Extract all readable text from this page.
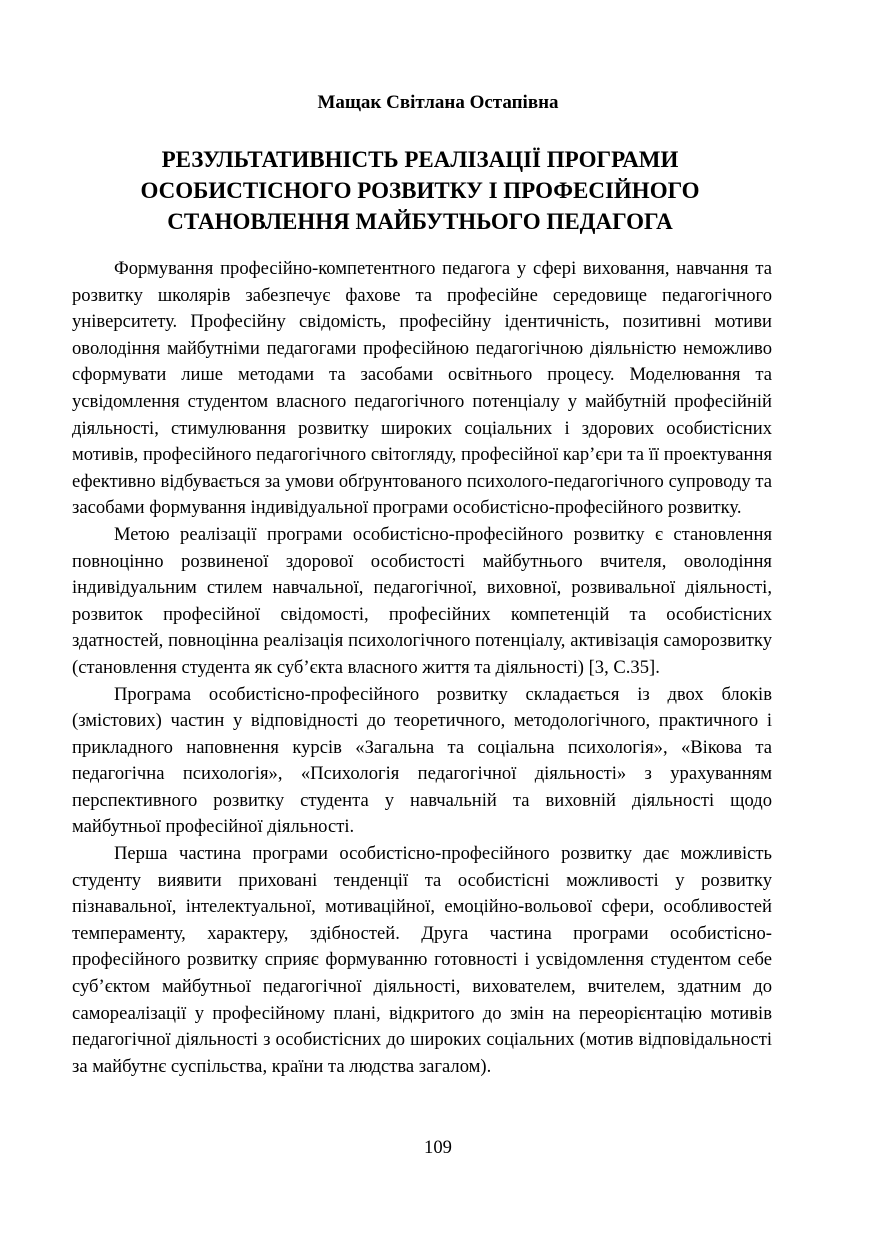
Мащак Світлана Остапівна
РЕЗУЛЬТАТИВНІСТЬ РЕАЛІЗАЦІЇ ПРОГРАМИ ОСОБИСТІСНОГО РОЗВИТКУ І ПРОФЕСІЙНОГО СТАНОВЛЕННЯ МАЙБУТНЬОГО ПЕДАГОГА

Формування професійно-компетентного педагога у сфері виховання, навчання та розвитку школярів забезпечує фахове та професійне середовище педагогічного університету. Професійну свідомість, професійну ідентичність, позитивні мотиви оволодіння майбутніми педагогами професійною педагогічною діяльністю неможливо сформувати лише методами та засобами освітнього процесу. Моделювання та усвідомлення студентом власного педагогічного потенціалу у майбутній професійній діяльності, стимулювання розвитку широких соціальних і здорових особистісних мотивів, професійного педагогічного світогляду, професійної кар’єри та її проектування ефективно відбувається за умови обґрунтованого психолого-педагогічного супроводу та засобами формування індивідуальної програми особистісно-професійного розвитку.

Метою реалізації програми особистісно-професійного розвитку є становлення повноцінно розвиненої здорової особистості майбутнього вчителя, оволодіння індивідуальним стилем навчальної, педагогічної, виховної, розвивальної діяльності, розвиток професійної свідомості, професійних компетенцій та особистісних здатностей, повноцінна реалізація психологічного потенціалу, активізація саморозвитку (становлення студента як суб’єкта власного життя та діяльності) [3, С.35].

Програма особистісно-професійного розвитку складається із двох блоків (змістових) частин у відповідності до теоретичного, методологічного, практичного і прикладного наповнення курсів «Загальна та соціальна психологія», «Вікова та педагогічна психологія», «Психологія педагогічної діяльності» з урахуванням перспективного розвитку студента у навчальній та виховній діяльності щодо майбутньої професійної діяльності.

Перша частина програми особистісно-професійного розвитку дає можливість студенту виявити приховані тенденції та особистісні можливості у розвитку пізнавальної, інтелектуальної, мотиваційної, емоційно-вольової сфери, особливостей темпераменту, характеру, здібностей. Друга частина програми особистісно-професійного розвитку сприяє формуванню готовності і усвідомлення студентом себе суб’єктом майбутньої педагогічної діяльності, вихователем, вчителем, здатним до самореалізації у професійному плані, відкритого до змін на переорієнтацію мотивів педагогічної діяльності з особистісних до широких соціальних (мотив відповідальності за майбутнє суспільства, країни та людства загалом).

109
